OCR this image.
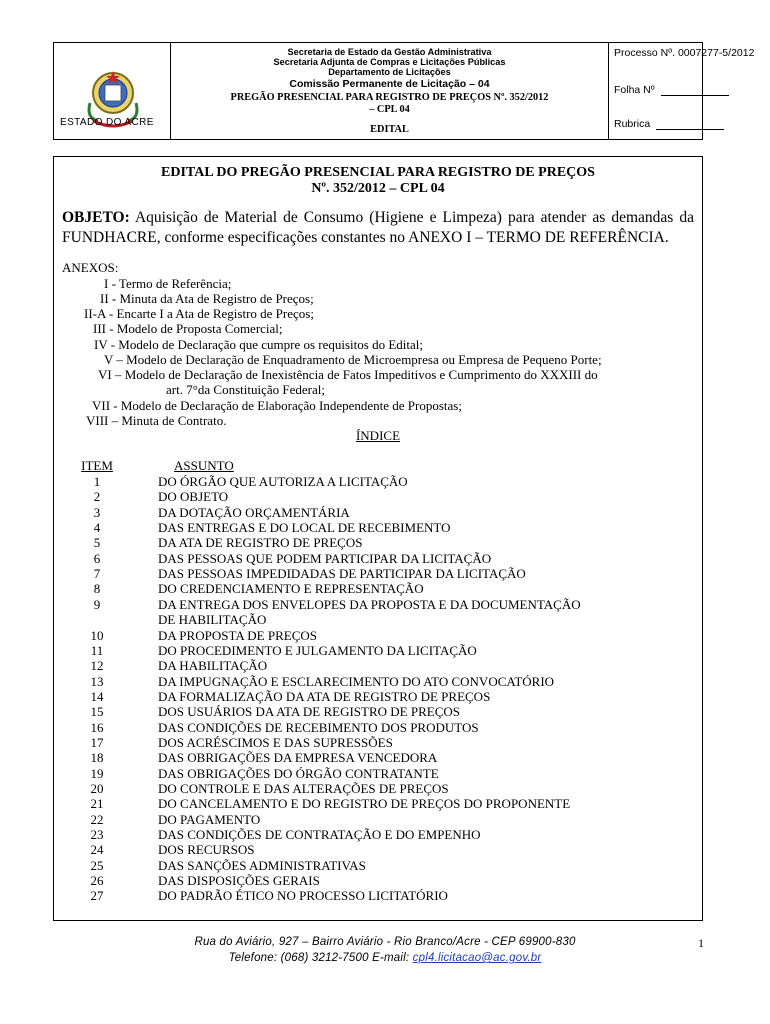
ESTADO DO ACRE
Secretaria de Estado da Gestão Administrativa
Secretaria Adjunta de Compras e Licitações Públicas
Departamento de Licitações
Comissão Permanente de Licitação – 04
PREGÃO PRESENCIAL PARA REGISTRO DE PREÇOS Nº. 352/2012
– CPL 04
EDITAL
Processo Nº. 0007277-5/2012
Folha Nº
Rubrica
EDITAL DO PREGÃO PRESENCIAL PARA REGISTRO DE PREÇOS
Nº. 352/2012 – CPL 04
OBJETO: Aquisição de Material de Consumo (Higiene e Limpeza) para atender as demandas da FUNDHACRE, conforme especificações constantes no ANEXO I – TERMO DE REFERÊNCIA.
ANEXOS:
I - Termo de Referência;
II - Minuta da Ata de Registro de Preços;
II-A - Encarte I a Ata de Registro de Preços;
III - Modelo de Proposta Comercial;
IV - Modelo de Declaração que cumpre os requisitos do Edital;
V – Modelo de Declaração de Enquadramento de Microempresa ou Empresa de Pequeno Porte;
VI – Modelo de Declaração de Inexistência de Fatos Impeditivos e Cumprimento do XXXIII do
art. 7°da Constituição Federal;
VII - Modelo de Declaração de Elaboração Independente de Propostas;
VIII – Minuta de Contrato.
ÍNDICE
ITEM	ASSUNTO
1	DO ÓRGÃO QUE AUTORIZA A LICITAÇÃO
2	DO OBJETO
3	DA DOTAÇÃO ORÇAMENTÁRIA
4	DAS ENTREGAS E DO LOCAL DE RECEBIMENTO
5	DA ATA DE REGISTRO DE PREÇOS
6	DAS PESSOAS QUE PODEM PARTICIPAR DA LICITAÇÃO
7	DAS PESSOAS IMPEDIDADAS DE PARTICIPAR DA LICITAÇÃO
8	DO CREDENCIAMENTO E REPRESENTAÇÃO
9	DA ENTREGA DOS ENVELOPES DA PROPOSTA E DA DOCUMENTAÇÃO
DE HABILITAÇÃO
10	DA PROPOSTA DE PREÇOS
11	DO PROCEDIMENTO E JULGAMENTO DA LICITAÇÃO
12	DA HABILITAÇÃO
13	DA IMPUGNAÇÃO E ESCLARECIMENTO DO ATO CONVOCATÓRIO
14	DA FORMALIZAÇÃO DA ATA DE REGISTRO DE PREÇOS
15	DOS USUÁRIOS DA ATA DE REGISTRO DE PREÇOS
16	DAS CONDIÇÕES DE RECEBIMENTO DOS PRODUTOS
17	DOS ACRÉSCIMOS E DAS SUPRESSÕES
18	DAS OBRIGAÇÕES DA EMPRESA VENCEDORA
19	DAS OBRIGAÇÕES DO ÓRGÃO CONTRATANTE
20	DO CONTROLE E DAS ALTERAÇÕES DE PREÇOS
21	DO CANCELAMENTO E DO REGISTRO DE PREÇOS DO PROPONENTE
22	DO PAGAMENTO
23	DAS CONDIÇÕES DE CONTRATAÇÃO E DO EMPENHO
24	DOS RECURSOS
25	DAS SANÇÕES ADMINISTRATIVAS
26	DAS DISPOSIÇÕES GERAIS
27	DO PADRÃO ÉTICO NO PROCESSO LICITATÓRIO
Rua do Aviário, 927 – Bairro Aviário - Rio Branco/Acre - CEP 69900-830
Telefone: (068) 3212-7500 E-mail: cpl4.licitacao@ac.gov.br
1
